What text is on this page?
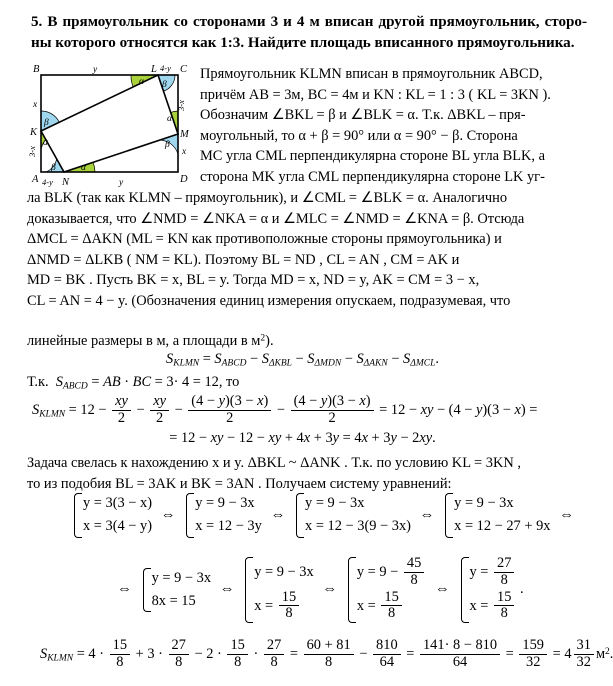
5. В прямоугольник со сторонами 3 и 4 м вписан другой прямоугольник, сторо-ны которого относятся как 1:3. Найдите площадь вписанного прямоугольника.
B	C
A	D
K
L
M
N
y	4-y
x
3-x
3-x
x
y
4-y
β
α
α β
α
β
β	α
Прямоугольник KLMN вписан в прямоугольник ABCD,
причём AB = 3м, BC = 4м и KN : KL = 1 : 3 ( KL = 3KN ).
Обозначим ∠BKL = β и ∠BLK = α. Т.к. ΔBKL – пря-
моугольный, то α + β = 90° или α = 90° − β. Сторона
MC угла CML перпендикулярна стороне BL угла BLK, а
сторона MK угла CML перпендикулярна стороне LK уг-
ла BLK (так как KLMN – прямоугольник), и ∠CML = ∠BLK = α. Аналогично
доказывается, что ∠NMD = ∠NKA = α и ∠MLC = ∠NMD = ∠KNA = β. Отсюда
ΔMCL = ΔAKN (ML = KN как противоположные стороны прямоугольника) и
ΔNMD = ΔLKB ( NM = KL). Поэтому BL = ND , CL = AN , CM = AK и
MD = BK . Пусть BK = x, BL = y. Тогда MD = x, ND = y, AK = CM = 3 − x,
CL = AN = 4 − y. (Обозначения единиц измерения опускаем, подразумевая, что
линейные размеры в м, а площади в $м^2$).
$S_{KLMN} = S_{ABCD} - S_{\Delta KBL} - S_{\Delta MDN} - S_{\Delta AKN} - S_{\Delta MCL}$.
Т.к.  $S_{ABCD}$ = AB · BC = 3· 4 = 12, то
$S_{KLMN} = 12 - \frac{xy}{2} - \frac{xy}{2} - \frac{(4 - y)(3 - x)}{2} - \frac{(4 - y)(3 - x)}{2} = 12$ − xy − (4 − y)(3 − x) =
= 12 − xy − 12 − xy + 4x + 3y = 4x + 3y − 2xy.
Задача свелась к нахождению x и y. ΔBKL ~ ΔANK . Т.к. по условию KL = 3KN ,
то из подобия BL = 3AK и BK = 3AN . Получаем систему уравнений:
y = 3(3 − x)
x = 3(4 − y)
⇔
y = 9 − 3x
x = 12 − 3y
⇔
y = 9 − 3x
x = 12 − 3(9 − 3x)
⇔
y = 9 − 3x
x = 12 − 27 + 9x
⇔
⇔
y = 9 − 3x
8x = 15
⇔
y = 9 − 3x
$x = \frac{15}{8}$
⇔
$y = 9 - \frac{45}{8}$
$x = \frac{15}{8}$
⇔
$y = \frac{27}{8}$
$x = \frac{15}{8}$
.
$S_{KLMN} = 4 \cdot \frac{15}{8} + 3 \cdot \frac{27}{8} - 2 \cdot \frac{15}{8} \cdot \frac{27}{8} = \frac{60 + 81}{8} - \frac{810}{64} = \frac{141\cdot 8 - 810}{64} = \frac{159}{32} = 4 \frac{31}{32} м^2$
